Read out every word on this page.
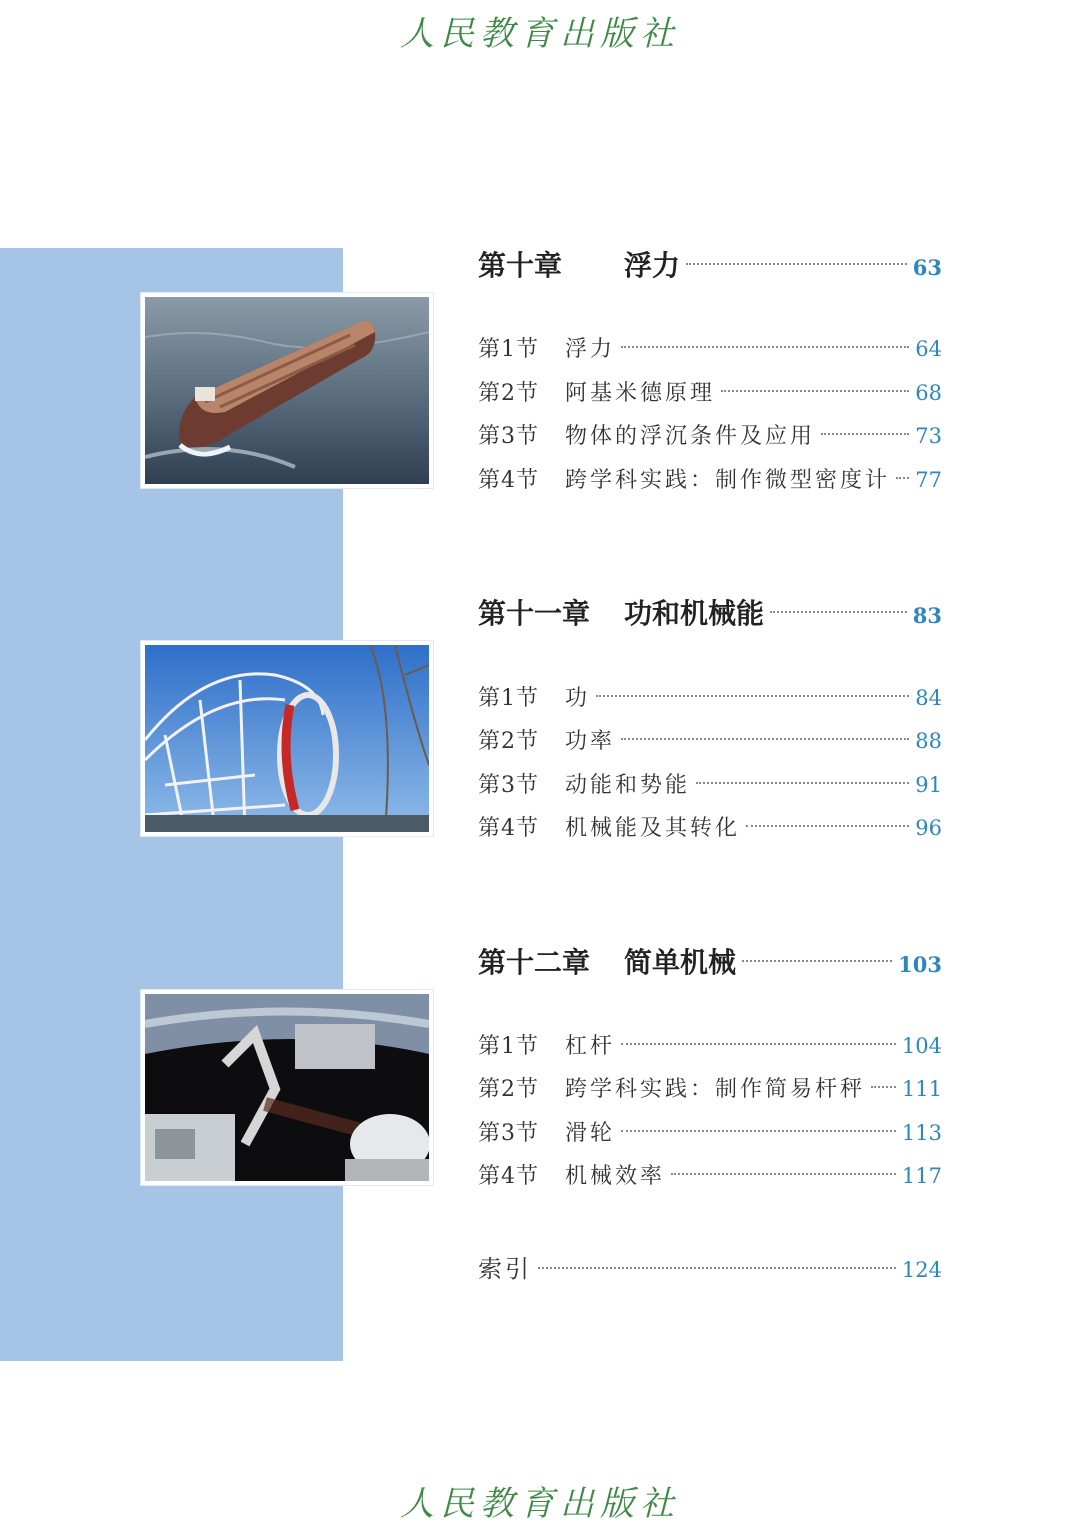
人民教育出版社
第十章	浮力	63
第1节	浮力	64
第2节	阿基米德原理	68
第3节	物体的浮沉条件及应用	73
第4节	跨学科实践：制作微型密度计 77
第十一章	功和机械能	83
第1节	功	84
第2节	功率	88
第3节	动能和势能	91
第4节	机械能及其转化	96
第十二章	简单机械	103
第1节	杠杆	104
第2节	跨学科实践：制作简易杆秤 111
第3节	滑轮	113
第4节	机械效率	117
索引	124
人民教育出版社
